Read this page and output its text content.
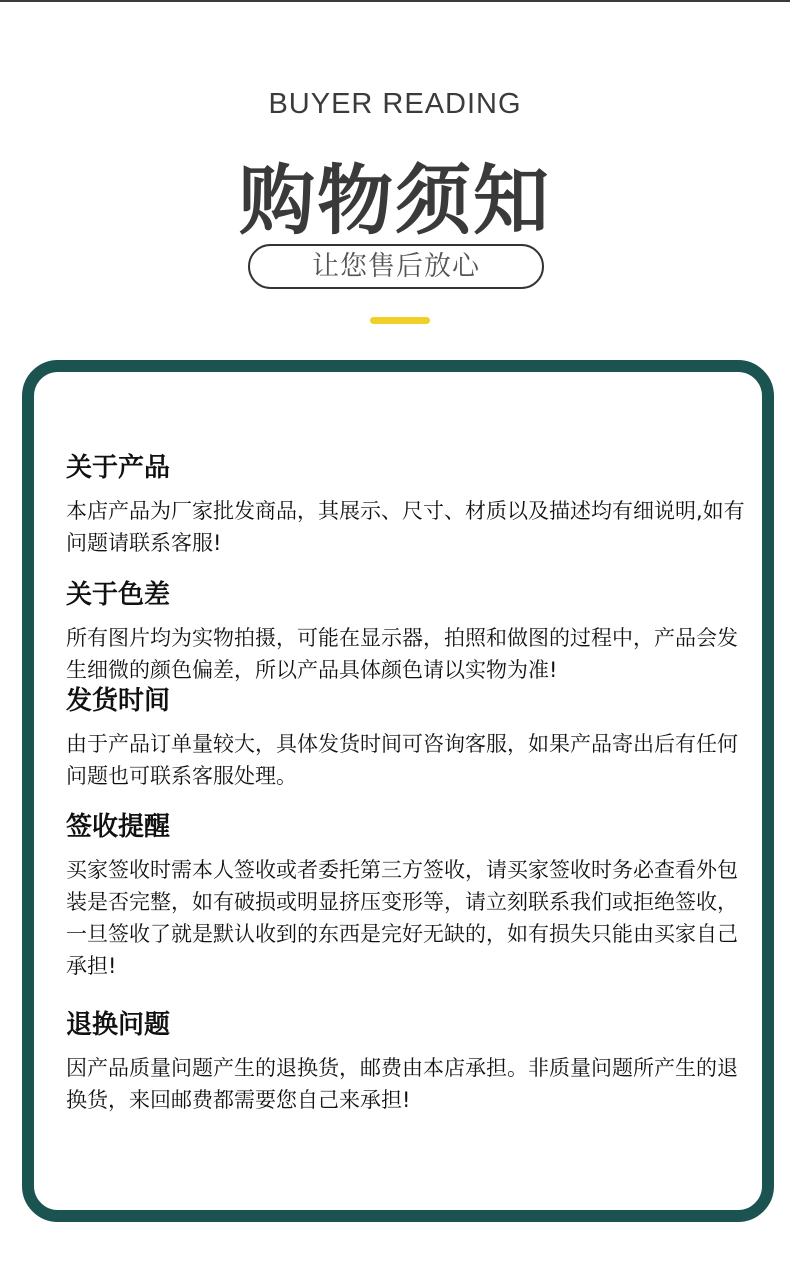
BUYER READING
购物须知
让您售后放心
关于产品
本店产品为厂家批发商品，其展示、尺寸、材质以及描述均有细说明,如有问题请联系客服!
关于色差
所有图片均为实物拍摄，可能在显示器，拍照和做图的过程中，产品会发生细微的颜色偏差，所以产品具体颜色请以实物为准!
发货时间
由于产品订单量较大，具体发货时间可咨询客服，如果产品寄出后有任何问题也可联系客服处理。
签收提醒
买家签收时需本人签收或者委托第三方签收，请买家签收时务必查看外包装是否完整，如有破损或明显挤压变形等，请立刻联系我们或拒绝签收，一旦签收了就是默认收到的东西是完好无缺的，如有损失只能由买家自己承担!
退换问题
因产品质量问题产生的退换货，邮费由本店承担。非质量问题所产生的退 换货，来回邮费都需要您自己来承担!
